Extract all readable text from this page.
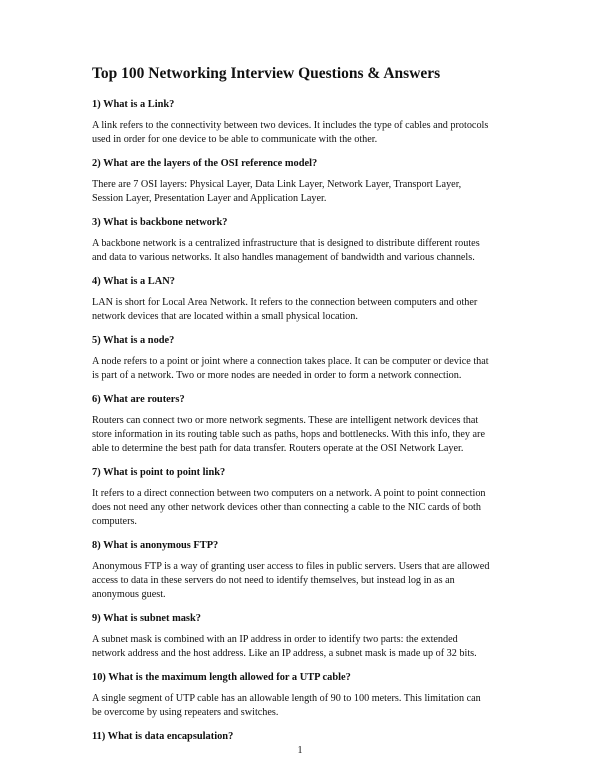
Top 100 Networking Interview Questions & Answers
1) What is a Link?
A link refers to the connectivity between two devices. It includes the type of cables and protocols
used in order for one device to be able to communicate with the other.
2) What are the layers of the OSI reference model?
There are 7 OSI layers: Physical Layer, Data Link Layer, Network Layer, Transport Layer,
Session Layer, Presentation Layer and Application Layer.
3) What is backbone network?
A backbone network is a centralized infrastructure that is designed to distribute different routes
and data to various networks. It also handles management of bandwidth and various channels.
4) What is a LAN?
LAN is short for Local Area Network. It refers to the connection between computers and other
network devices that are located within a small physical location.
5) What is a node?
A node refers to a point or joint where a connection takes place. It can be computer or device that
is part of a network. Two or more nodes are needed in order to form a network connection.
6) What are routers?
Routers can connect two or more network segments. These are intelligent network devices that
store information in its routing table such as paths, hops and bottlenecks. With this info, they are
able to determine the best path for data transfer. Routers operate at the OSI Network Layer.
7) What is point to point link?
It refers to a direct connection between two computers on a network. A point to point connection
does not need any other network devices other than connecting a cable to the NIC cards of both
computers.
8) What is anonymous FTP?
Anonymous FTP is a way of granting user access to files in public servers. Users that are allowed
access to data in these servers do not need to identify themselves, but instead log in as an
anonymous guest.
9) What is subnet mask?
A subnet mask is combined with an IP address in order to identify two parts: the extended
network address and the host address. Like an IP address, a subnet mask is made up of 32 bits.
10) What is the maximum length allowed for a UTP cable?
A single segment of UTP cable has an allowable length of 90 to 100 meters. This limitation can
be overcome by using repeaters and switches.
11) What is data encapsulation?
1
